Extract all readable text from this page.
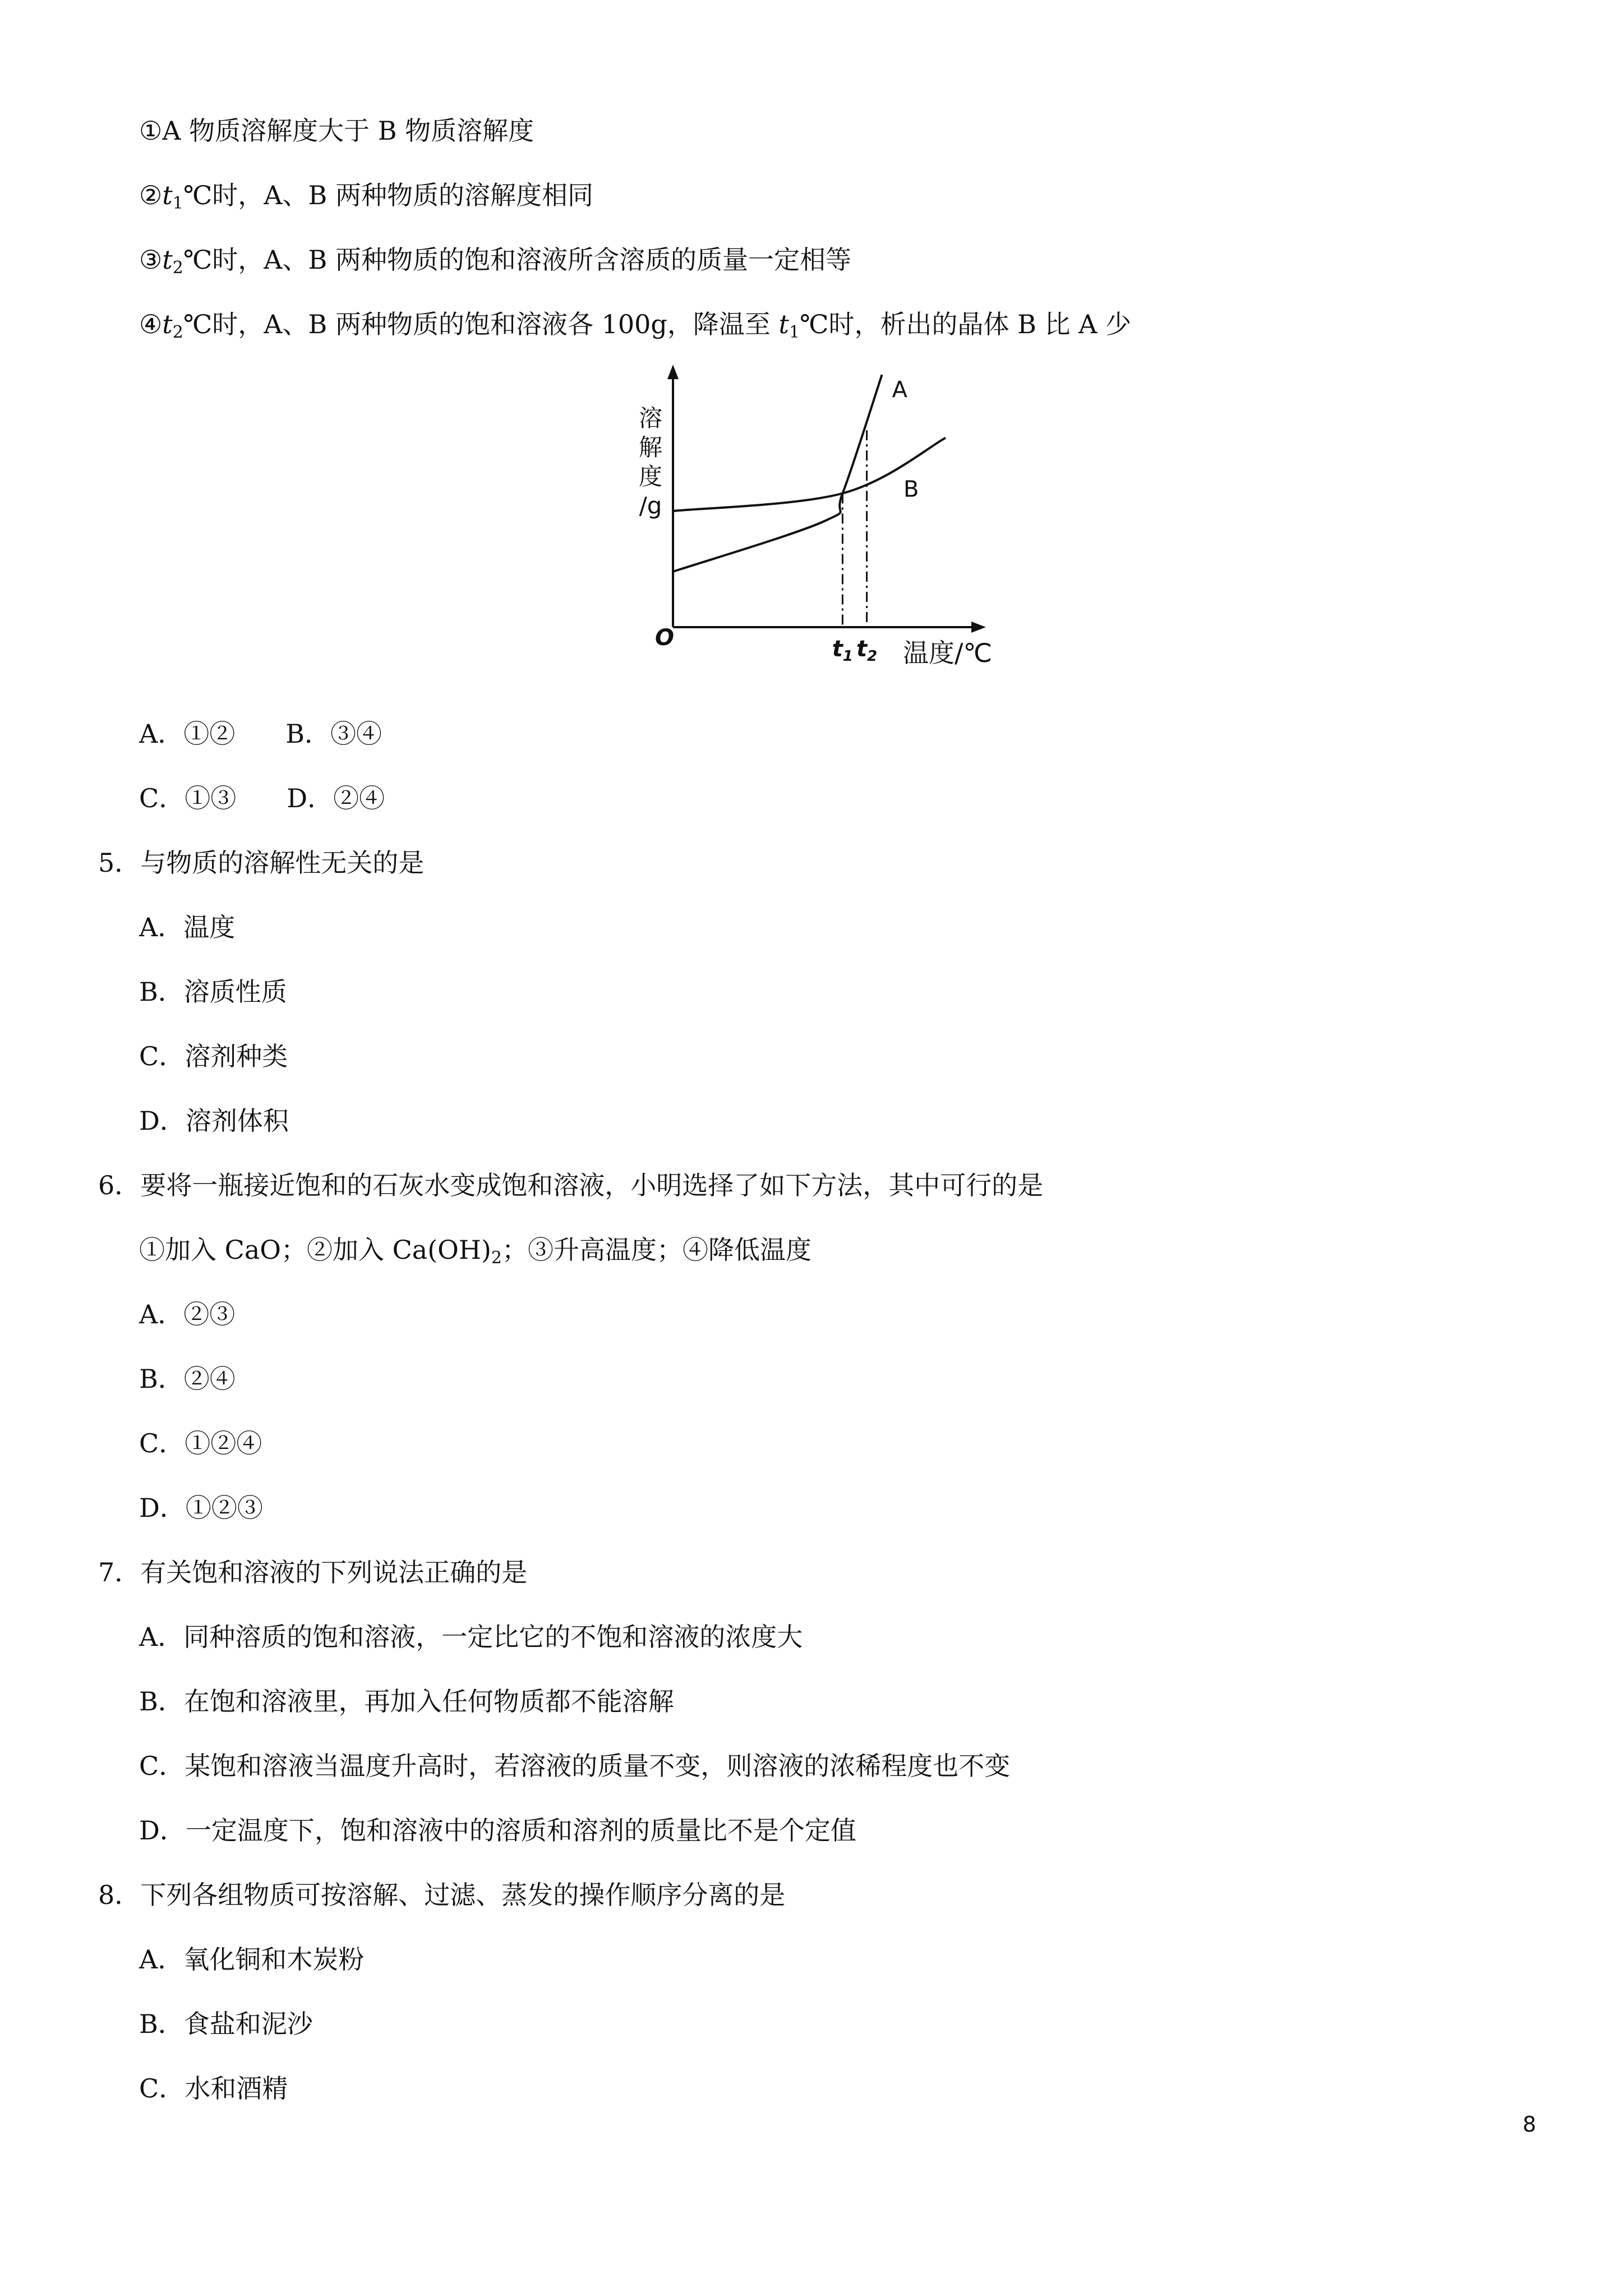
①A 物质溶解度大于 B 物质溶解度
$②t_1℃$时，A、B 两种物质的溶解度相同
$③t_2℃$时，A、B 两种物质的饱和溶液所含溶质的质量一定相等
$④t_2℃$时，A、B 两种物质的饱和溶液各 100g，降温至 $t_1℃$时，析出的晶体 B 比 A 少
溶
解
度
/g
O	温度/℃
A
B
$t_1$ $t_2$
A．①② B．③④
C．①③ D．②④
5．与物质的溶解性无关的是
A．温度
B．溶质性质
C．溶剂种类
D．溶剂体积
6．要将一瓶接近饱和的石灰水变成饱和溶液，小明选择了如下方法，其中可行的是
①加入 CaO；②加入 $Ca(OH)_2$；③升高温度；④降低温度
A．②③
B．②④
C．①②④
D．①②③
7．有关饱和溶液的下列说法正确的是
A．同种溶质的饱和溶液，一定比它的不饱和溶液的浓度大
B．在饱和溶液里，再加入任何物质都不能溶解
C．某饱和溶液当温度升高时，若溶液的质量不变，则溶液的浓稀程度也不变
D．一定温度下，饱和溶液中的溶质和溶剂的质量比不是个定值
8．下列各组物质可按溶解、过滤、蒸发的操作顺序分离的是
A．氧化铜和木炭粉
B．食盐和泥沙
C．水和酒精
8
